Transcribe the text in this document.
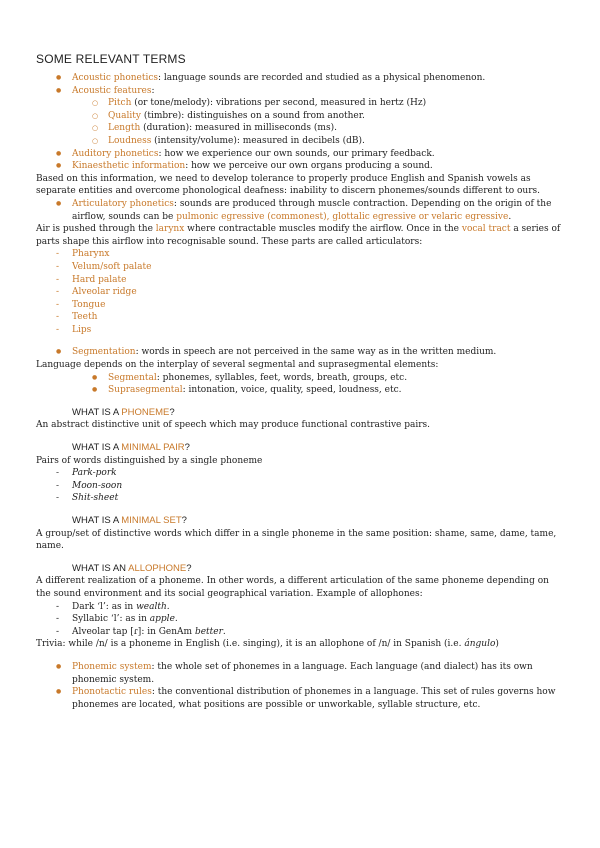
SOME RELEVANT TERMS
● Acoustic phonetics: language sounds are recorded and studied as a physical phenomenon.
● Acoustic features:
○ Pitch (or tone/melody): vibrations per second, measured in hertz (Hz)
○ Quality (timbre): distinguishes on a sound from another.
○ Length (duration): measured in milliseconds (ms).
○ Loudness (intensity/volume): measured in decibels (dB).
● Auditory phonetics: how we experience our own sounds, our primary feedback.
● Kinaesthetic information: how we perceive our own organs producing a sound.
Based on this information, we need to develop tolerance to properly produce English and Spanish vowels as separate entities and overcome phonological deafness: inability to discern phonemes/sounds different to ours.
● Articulatory phonetics: sounds are produced through muscle contraction. Depending on the origin of the airflow, sounds can be pulmonic egressive (commonest), glottalic egressive or velaric egressive.
Air is pushed through the larynx where contractable muscles modify the airflow. Once in the vocal tract a series of parts shape this airflow into recognisable sound. These parts are called articulators:
- Pharynx
- Velum/soft palate
- Hard palate
- Alveolar ridge
- Tongue
- Teeth
- Lips
● Segmentation: words in speech are not perceived in the same way as in the written medium.
Language depends on the interplay of several segmental and suprasegmental elements:
● Segmental: phonemes, syllables, feet, words, breath, groups, etc.
● Suprasegmental: intonation, voice, quality, speed, loudness, etc.
WHAT IS A PHONEME?
An abstract distinctive unit of speech which may produce functional contrastive pairs.
WHAT IS A MINIMAL PAIR?
Pairs of words distinguished by a single phoneme
- Park-pork
- Moon-soon
- Shit-sheet
WHAT IS A MINIMAL SET?
A group/set of distinctive words which differ in a single phoneme in the same position: shame, same, dame, tame, name.
WHAT IS AN ALLOPHONE?
A different realization of a phoneme. In other words, a different articulation of the same phoneme depending on the sound environment and its social geographical variation. Example of allophones:
- Dark ‘l’: as in wealth.
- Syllabic ‘l’: as in apple.
- Alveolar tap [ɾ]: in GenAm better.
Trivia: while /n/ is a phoneme in English (i.e. singing), it is an allophone of /n/ in Spanish (i.e. ángulo)
● Phonemic system: the whole set of phonemes in a language. Each language (and dialect) has its own phonemic system.
● Phonotactic rules: the conventional distribution of phonemes in a language. This set of rules governs how phonemes are located, what positions are possible or unworkable, syllable structure, etc.
